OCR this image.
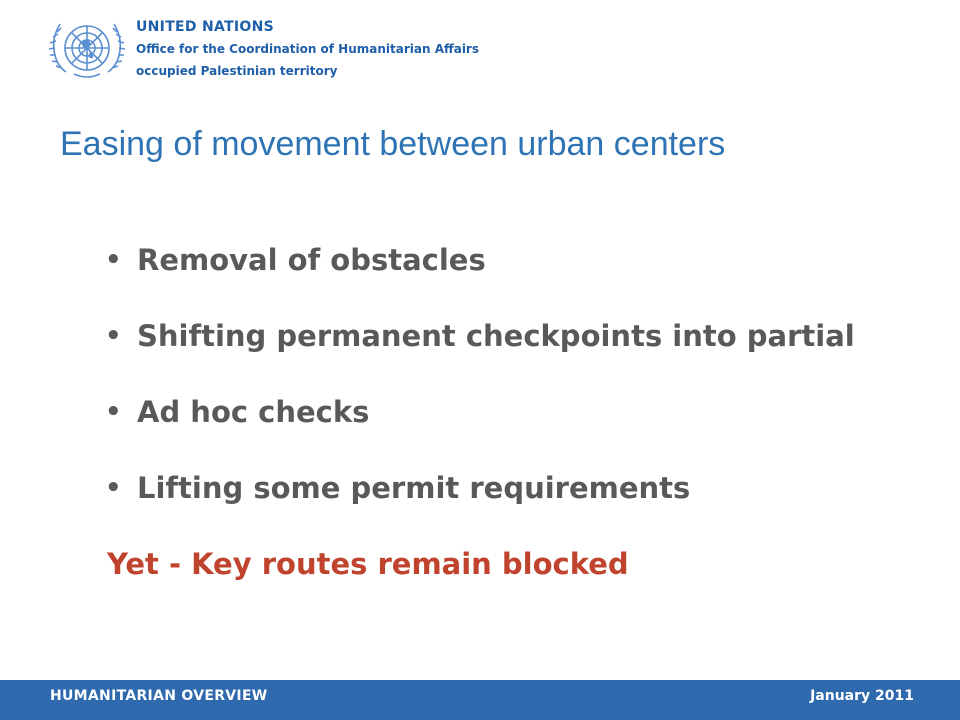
UNITED NATIONS
Office for the Coordination of Humanitarian Affairs
occupied Palestinian territory
Easing of movement between urban centers
• Removal of obstacles
• Shifting permanent checkpoints into partial
• Ad hoc checks
• Lifting some permit requirements
Yet - Key routes remain blocked
HUMANITARIAN OVERVIEW	January 2011
